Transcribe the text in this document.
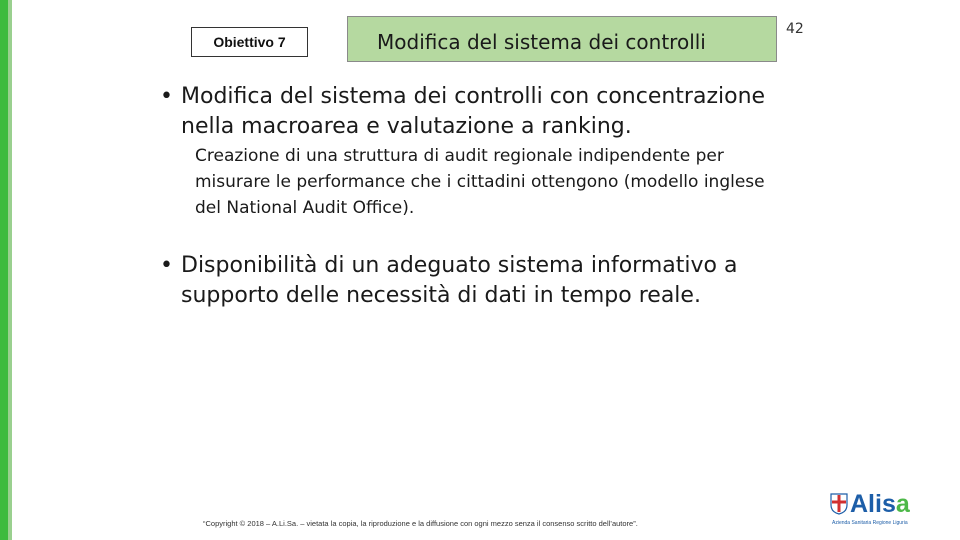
Obiettivo 7	Modifica del sistema dei controlli
42
• Modifica del sistema dei controlli con concentrazione nella macroarea e valutazione a ranking.
Creazione di una struttura di audit regionale indipendente per misurare le performance che i cittadini ottengono (modello inglese del National Audit Office).
• Disponibilità di un adeguato sistema informativo a supporto delle necessità di dati in tempo reale.
“Copyright © 2018 – A.Li.Sa. – vietata la copia, la riproduzione e la diffusione con ogni mezzo senza il consenso scritto dell’autore”.
Alisa
Azienda Sanitaria Regione Liguria
